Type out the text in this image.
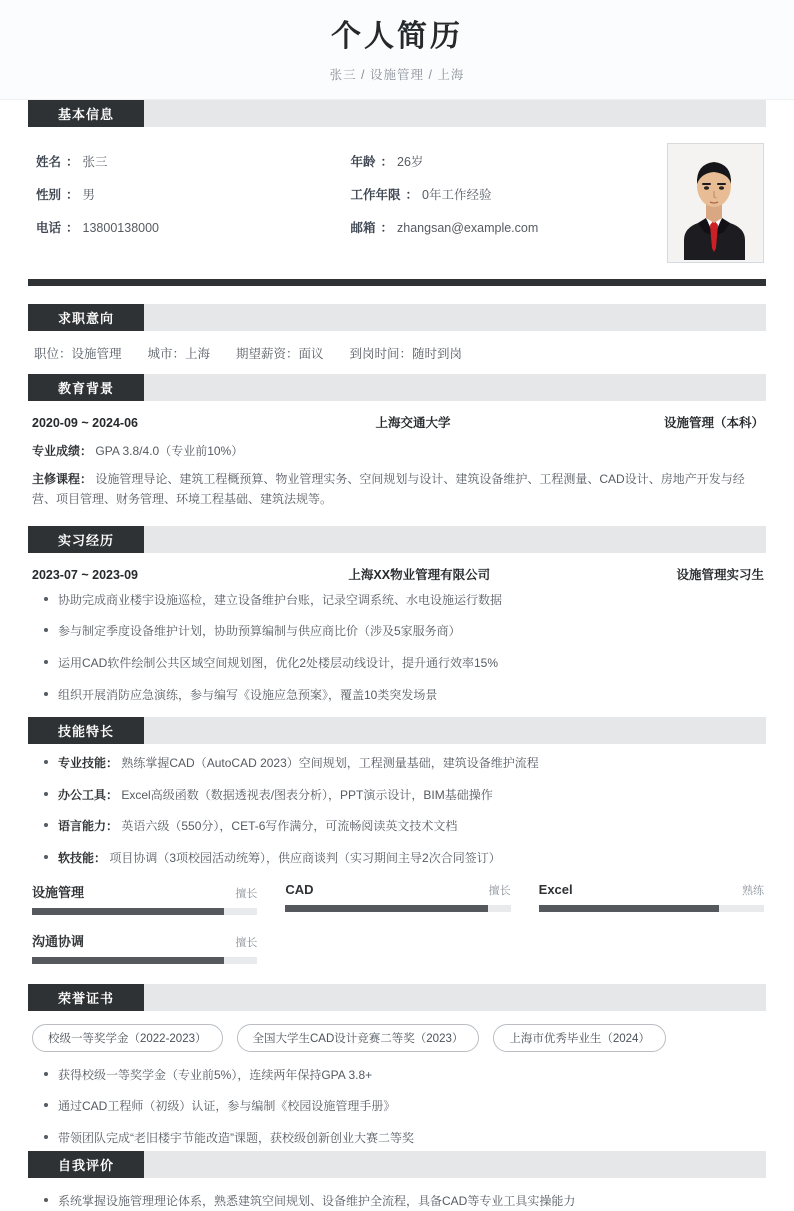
个人简历
张三 / 设施管理 / 上海
基本信息
姓名 ： 张三	年龄 ： 26岁
性别 ： 男	工作年限 ： 0年工作经验
电话 ： 13800138000	邮箱 ： zhangsan@example.com
求职意向
职位：设施管理 城市：上海 期望薪资：面议 到岗时间：随时到岗
教育背景
2020-09 ~ 2024-06	上海交通大学	设施管理（本科）
专业成绩： GPA 3.8/4.0（专业前10%）
主修课程： 设施管理导论、建筑工程概预算、物业管理实务、空间规划与设计、建筑设备维护、工程测量、CAD设计、房地产开发与经营、项目管理、财务管理、环境工程基础、建筑法规等。
实习经历
2023-07 ~ 2023-09	上海XX物业管理有限公司	设施管理实习生
协助完成商业楼宇设施巡检，建立设备维护台账，记录空调系统、水电设施运行数据
参与制定季度设备维护计划，协助预算编制与供应商比价（涉及5家服务商）
运用CAD软件绘制公共区域空间规划图，优化2处楼层动线设计，提升通行效率15%
组织开展消防应急演练，参与编写《设施应急预案》，覆盖10类突发场景
技能特长
专业技能： 熟练掌握CAD（AutoCAD 2023）空间规划，工程测量基础，建筑设备维护流程
办公工具： Excel高级函数（数据透视表/图表分析），PPT演示设计，BIM基础操作
语言能力： 英语六级（550分），CET-6写作满分，可流畅阅读英文技术文档
软技能： 项目协调（3项校园活动统筹），供应商谈判（实习期间主导2次合同签订）
设施管理	擅长 CAD	擅长 Excel	熟练
沟通协调	擅长
荣誉证书
校级一等奖学金（2022-2023）	全国大学生CAD设计竞赛二等奖（2023）	上海市优秀毕业生（2024）
获得校级一等奖学金（专业前5%），连续两年保持GPA 3.8+
通过CAD工程师（初级）认证，参与编制《校园设施管理手册》
带领团队完成“老旧楼宇节能改造”课题，获校级创新创业大赛二等奖
自我评价
系统掌握设施管理理论体系，熟悉建筑空间规划、设备维护全流程，具备CAD等专业工具实操能力
